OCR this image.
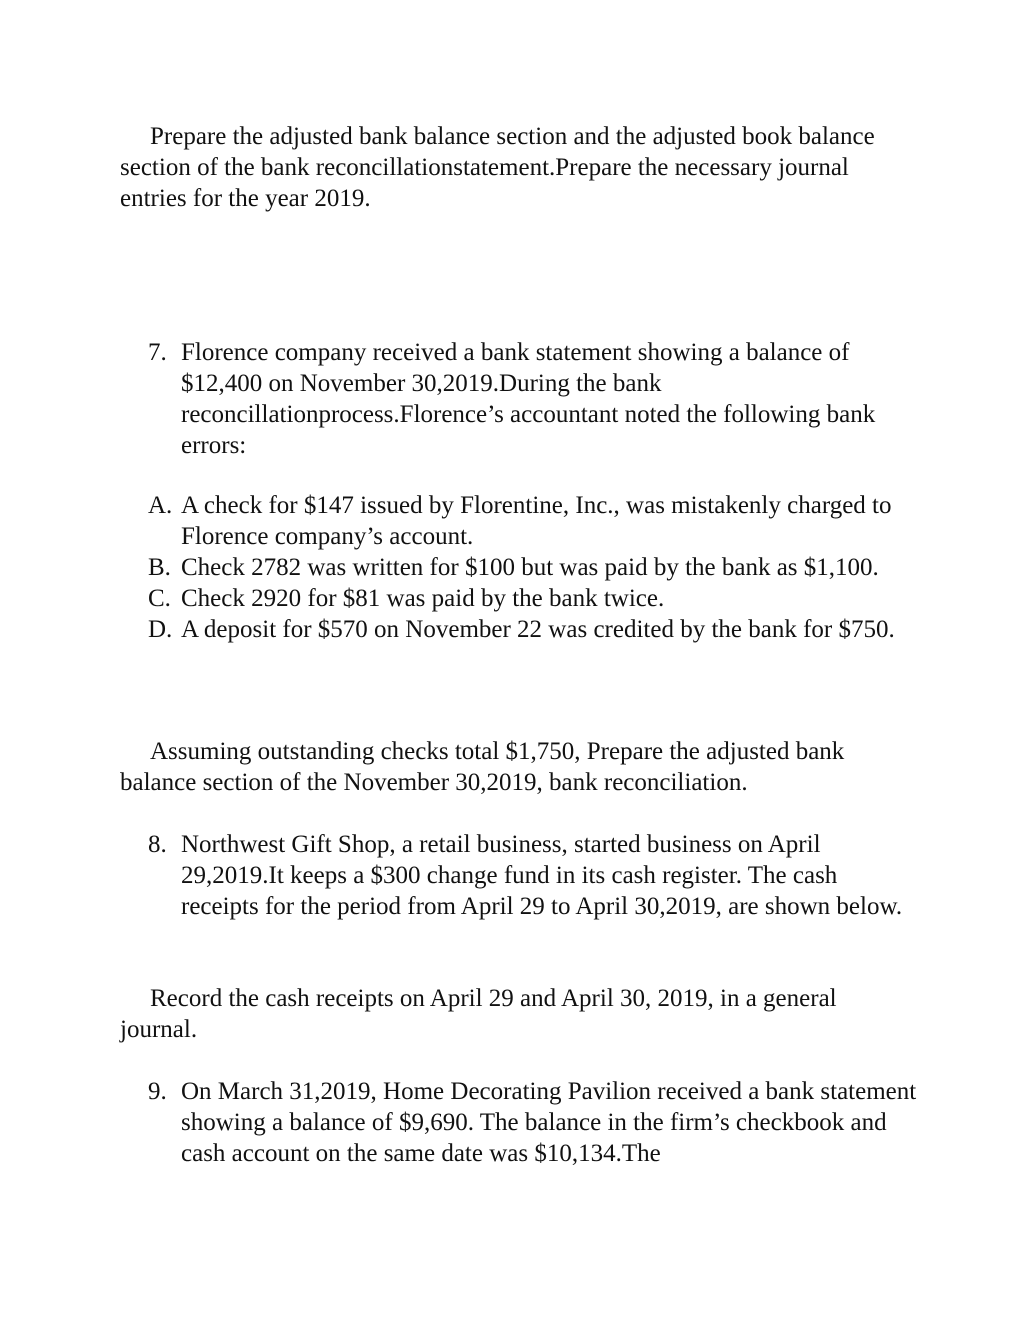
Prepare the adjusted bank balance section and the adjusted book balance section of the bank reconcillationstatement.Prepare the necessary journal entries for the year 2019.

7. Florence company received a bank statement showing a balance of $12,400 on November 30,2019.During the bank reconcillationprocess.Florence’s accountant noted the following bank errors:
A. A check for $147 issued by Florentine, Inc., was mistakenly charged to Florence company’s account.
B. Check 2782 was written for $100 but was paid by the bank as $1,100.
C. Check 2920 for $81 was paid by the bank twice.
D. A deposit for $570 on November 22 was credited by the bank for $750.

Assuming outstanding checks total $1,750, Prepare the adjusted bank balance section of the November 30,2019, bank reconciliation.

8. Northwest Gift Shop, a retail business, started business on April 29,2019.It keeps a $300 change fund in its cash register. The cash receipts for the period from April 29 to April 30,2019, are shown below.

Record the cash receipts on April 29 and April 30, 2019, in a general journal.

9. On March 31,2019, Home Decorating Pavilion received a bank statement showing a balance of $9,690. The balance in the firm’s checkbook and cash account on the same date was $10,134.The
